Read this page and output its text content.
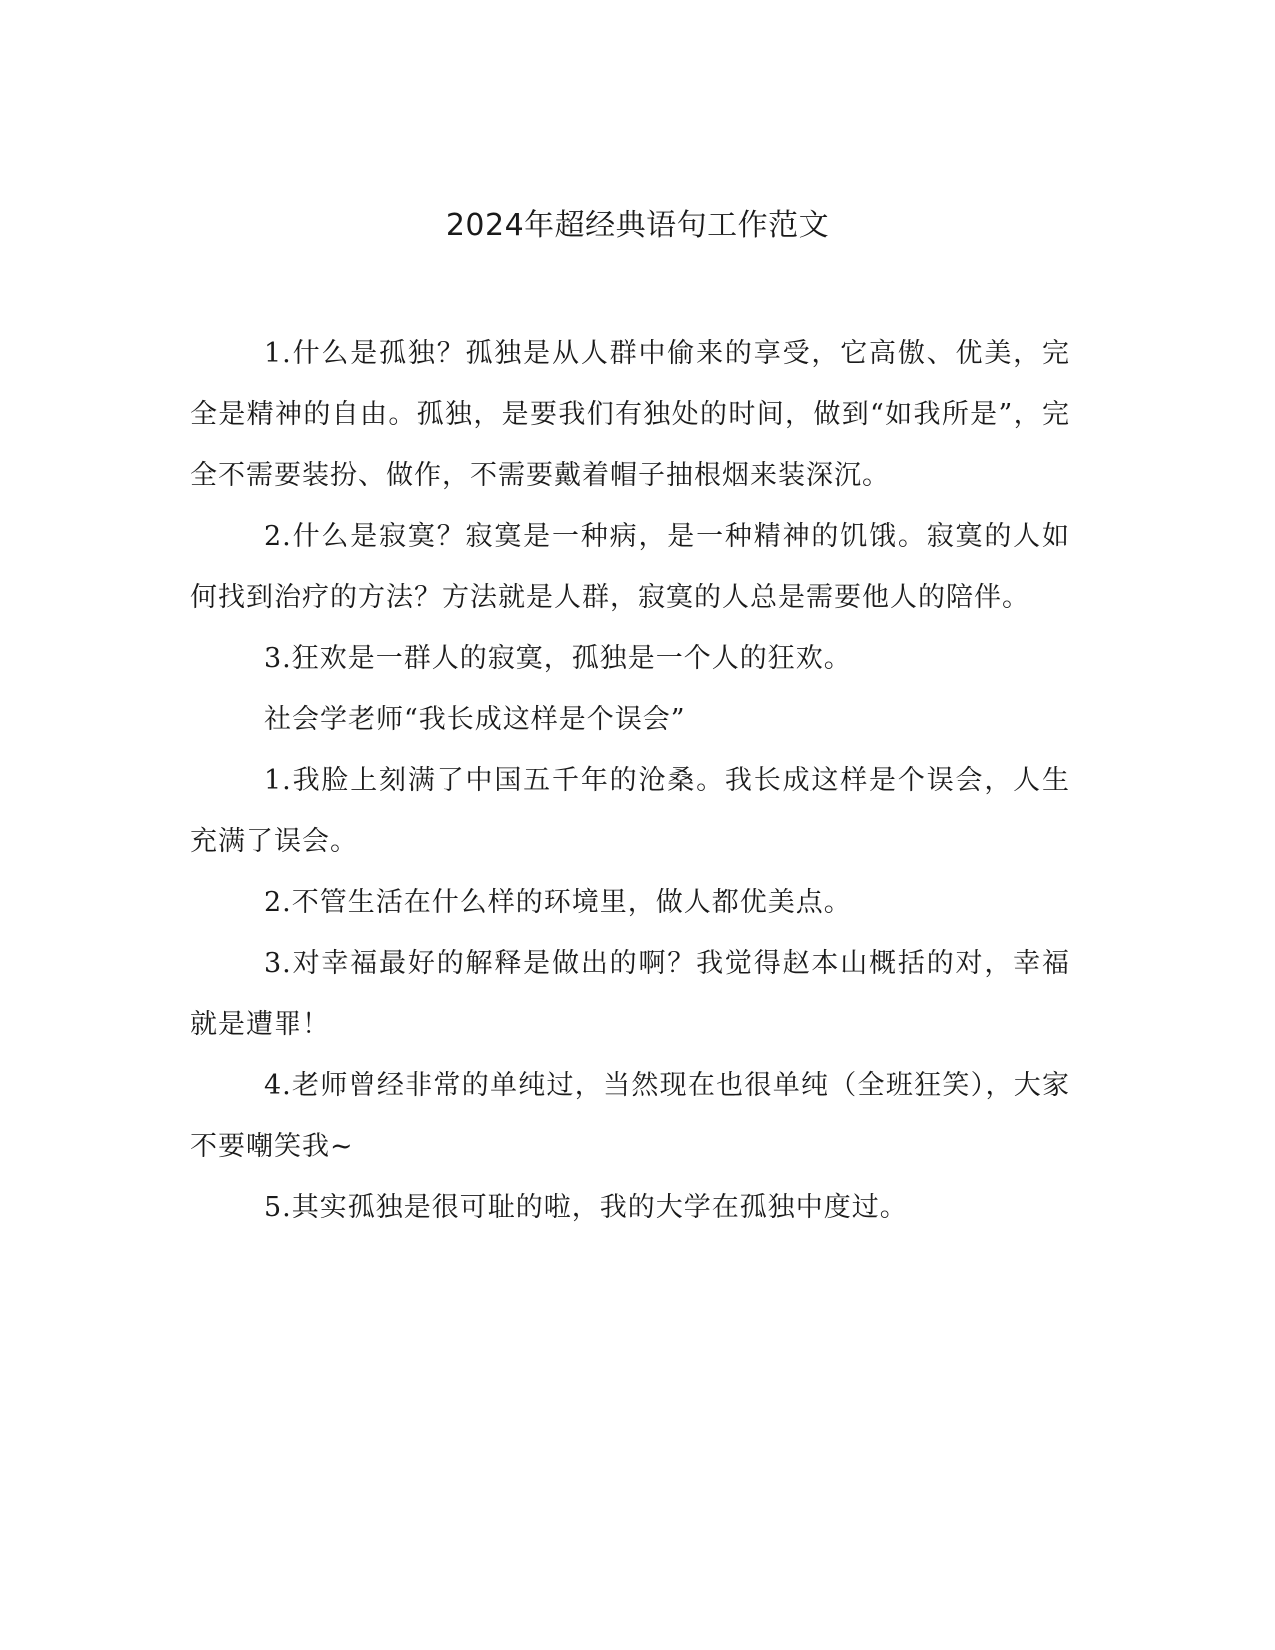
2024年超经典语句工作范文

1.什么是孤独？孤独是从人群中偷来的享受，它高傲、优美，完全是精神的自由。孤独，是要我们有独处的时间，做到“如我所是”，完全不需要装扮、做作，不需要戴着帽子抽根烟来装深沉。

2.什么是寂寞？寂寞是一种病，是一种精神的饥饿。寂寞的人如何找到治疗的方法？方法就是人群，寂寞的人总是需要他人的陪伴。

3.狂欢是一群人的寂寞，孤独是一个人的狂欢。

社会学老师“我长成这样是个误会”

1.我脸上刻满了中国五千年的沧桑。我长成这样是个误会，人生充满了误会。

2.不管生活在什么样的环境里，做人都优美点。

3.对幸福最好的解释是做出的啊？我觉得赵本山概括的对，幸福就是遭罪！

4.老师曾经非常的单纯过，当然现在也很单纯（全班狂笑），大家不要嘲笑我~

5.其实孤独是很可耻的啦，我的大学在孤独中度过。
